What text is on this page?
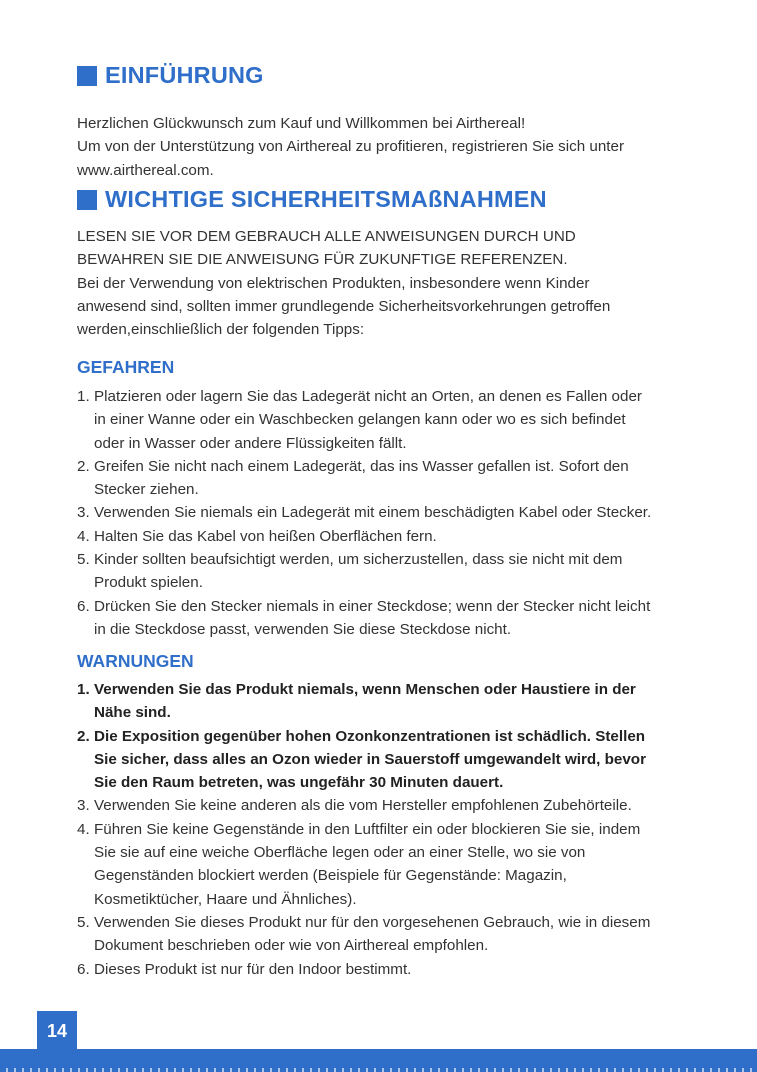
EINFÜHRUNG
Herzlichen Glückwunsch zum Kauf und Willkommen bei Airthereal!
Um von der Unterstützung von Airthereal zu profitieren, registrieren Sie sich unter
www.airthereal.com.
WICHTIGE SICHERHEITSMAßNAHMEN
LESEN SIE VOR DEM GEBRAUCH ALLE ANWEISUNGEN DURCH UND
BEWAHREN SIE DIE ANWEISUNG FÜR ZUKUNFTIGE REFERENZEN.
Bei der Verwendung von elektrischen Produkten, insbesondere wenn Kinder
anwesend sind, sollten immer grundlegende Sicherheitsvorkehrungen getroffen
werden,einschließlich der folgenden Tipps:
GEFAHREN
1. Platzieren oder lagern Sie das Ladegerät nicht an Orten, an denen es Fallen oder
in einer Wanne oder ein Waschbecken gelangen kann oder wo es sich befindet
oder in Wasser oder andere Flüssigkeiten fällt.
2. Greifen Sie nicht nach einem Ladegerät, das ins Wasser gefallen ist. Sofort den
Stecker ziehen.
3. Verwenden Sie niemals ein Ladegerät mit einem beschädigten Kabel oder Stecker.
4. Halten Sie das Kabel von heißen Oberflächen fern.
5. Kinder sollten beaufsichtigt werden, um sicherzustellen, dass sie nicht mit dem
Produkt spielen.
6. Drücken Sie den Stecker niemals in einer Steckdose; wenn der Stecker nicht leicht
in die Steckdose passt, verwenden Sie diese Steckdose nicht.
WARNUNGEN
1. Verwenden Sie das Produkt niemals, wenn Menschen oder Haustiere in der
Nähe sind.
2. Die Exposition gegenüber hohen Ozonkonzentrationen ist schädlich. Stellen
Sie sicher, dass alles an Ozon wieder in Sauerstoff umgewandelt wird, bevor
Sie den Raum betreten, was ungefähr 30 Minuten dauert.
3. Verwenden Sie keine anderen als die vom Hersteller empfohlenen Zubehörteile.
4. Führen Sie keine Gegenstände in den Luftfilter ein oder blockieren Sie sie, indem
Sie sie auf eine weiche Oberfläche legen oder an einer Stelle, wo sie von
Gegenständen blockiert werden (Beispiele für Gegenstände: Magazin,
Kosmetiktücher, Haare und Ähnliches).
5. Verwenden Sie dieses Produkt nur für den vorgesehenen Gebrauch, wie in diesem
Dokument beschrieben oder wie von Airthereal empfohlen.
6. Dieses Produkt ist nur für den Indoor bestimmt.
14
